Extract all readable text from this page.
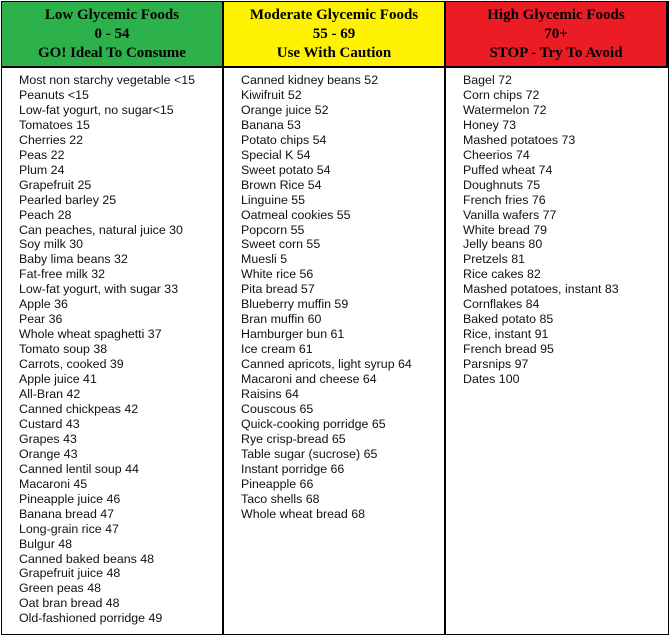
Low Glycemic Foods
0 - 54
GO! Ideal To Consume
Moderate Glycemic Foods
55 - 69
Use With Caution
High Glycemic Foods
70+
STOP - Try To Avoid
Most non starchy vegetable <15
Peanuts <15
Low-fat yogurt, no sugar<15
Tomatoes 15
Cherries 22
Peas 22
Plum 24
Grapefruit 25
Pearled barley 25
Peach 28
Can peaches, natural juice 30
Soy milk 30
Baby lima beans 32
Fat-free milk 32
Low-fat yogurt, with sugar 33
Apple 36
Pear 36
Whole wheat spaghetti 37
Tomato soup 38
Carrots, cooked 39
Apple juice 41
All-Bran 42
Canned chickpeas 42
Custard 43
Grapes 43
Orange 43
Canned lentil soup 44
Macaroni 45
Pineapple juice 46
Banana bread 47
Long-grain rice 47
Bulgur 48
Canned baked beans 48
Grapefruit juice 48
Green peas 48
Oat bran bread 48
Old-fashioned porridge 49
Canned kidney beans 52
Kiwifruit 52
Orange juice 52
Banana 53
Potato chips 54
Special K 54
Sweet potato 54
Brown Rice 54
Linguine 55
Oatmeal cookies 55
Popcorn 55
Sweet corn 55
Muesli 5
White rice 56
Pita bread 57
Blueberry muffin 59
Bran muffin 60
Hamburger bun 61
Ice cream 61
Canned apricots, light syrup 64
Macaroni and cheese 64
Raisins 64
Couscous 65
Quick-cooking porridge 65
Rye crisp-bread 65
Table sugar (sucrose) 65
Instant porridge 66
Pineapple 66
Taco shells 68
Whole wheat bread 68
Bagel 72
Corn chips 72
Watermelon 72
Honey 73
Mashed potatoes 73
Cheerios 74
Puffed wheat 74
Doughnuts 75
French fries 76
Vanilla wafers 77
White bread 79
Jelly beans 80
Pretzels 81
Rice cakes 82
Mashed potatoes, instant 83
Cornflakes 84
Baked potato 85
Rice, instant 91
French bread 95
Parsnips 97
Dates 100
